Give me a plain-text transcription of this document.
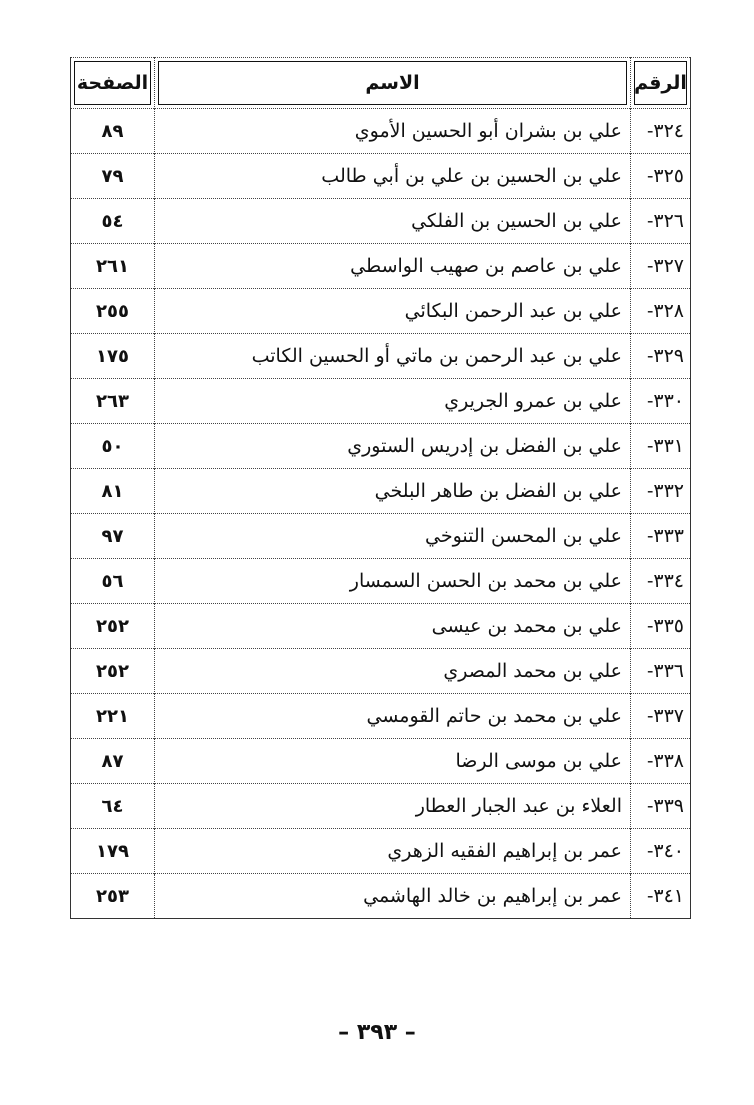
الرقم	الاسم	الصفحة

٣٢٤-	علي بن بشران أبو الحسين الأموي	٨٩
٣٢٥-	علي بن الحسين بن علي بن أبي طالب	٧٩
٣٢٦-	علي بن الحسين بن الفلكي	٥٤
٣٢٧-	علي بن عاصم بن صهيب الواسطي	٢٦١
٣٢٨-	علي بن عبد الرحمن البكائي	٢٥٥
٣٢٩-	علي بن عبد الرحمن بن ماتي أو الحسين الكاتب	١٧٥
٣٣٠-	علي بن عمرو الجريري	٢٦٣
٣٣١-	علي بن الفضل بن إدريس الستوري	٥٠
٣٣٢-	علي بن الفضل بن طاهر البلخي	٨١
٣٣٣-	علي بن المحسن التنوخي	٩٧
٣٣٤-	علي بن محمد بن الحسن السمسار	٥٦
٣٣٥-	علي بن محمد بن عيسى	٢٥٢
٣٣٦-	علي بن محمد المصري	٢٥٢
٣٣٧-	علي بن محمد بن حاتم القومسي	٢٢١
٣٣٨-	علي بن موسى الرضا	٨٧
٣٣٩-	العلاء بن عبد الجبار العطار	٦٤
٣٤٠-	عمر بن إبراهيم الفقيه الزهري	١٧٩
٣٤١-	عمر بن إبراهيم بن خالد الهاشمي	٢٥٣
– ٣٩٣ –
